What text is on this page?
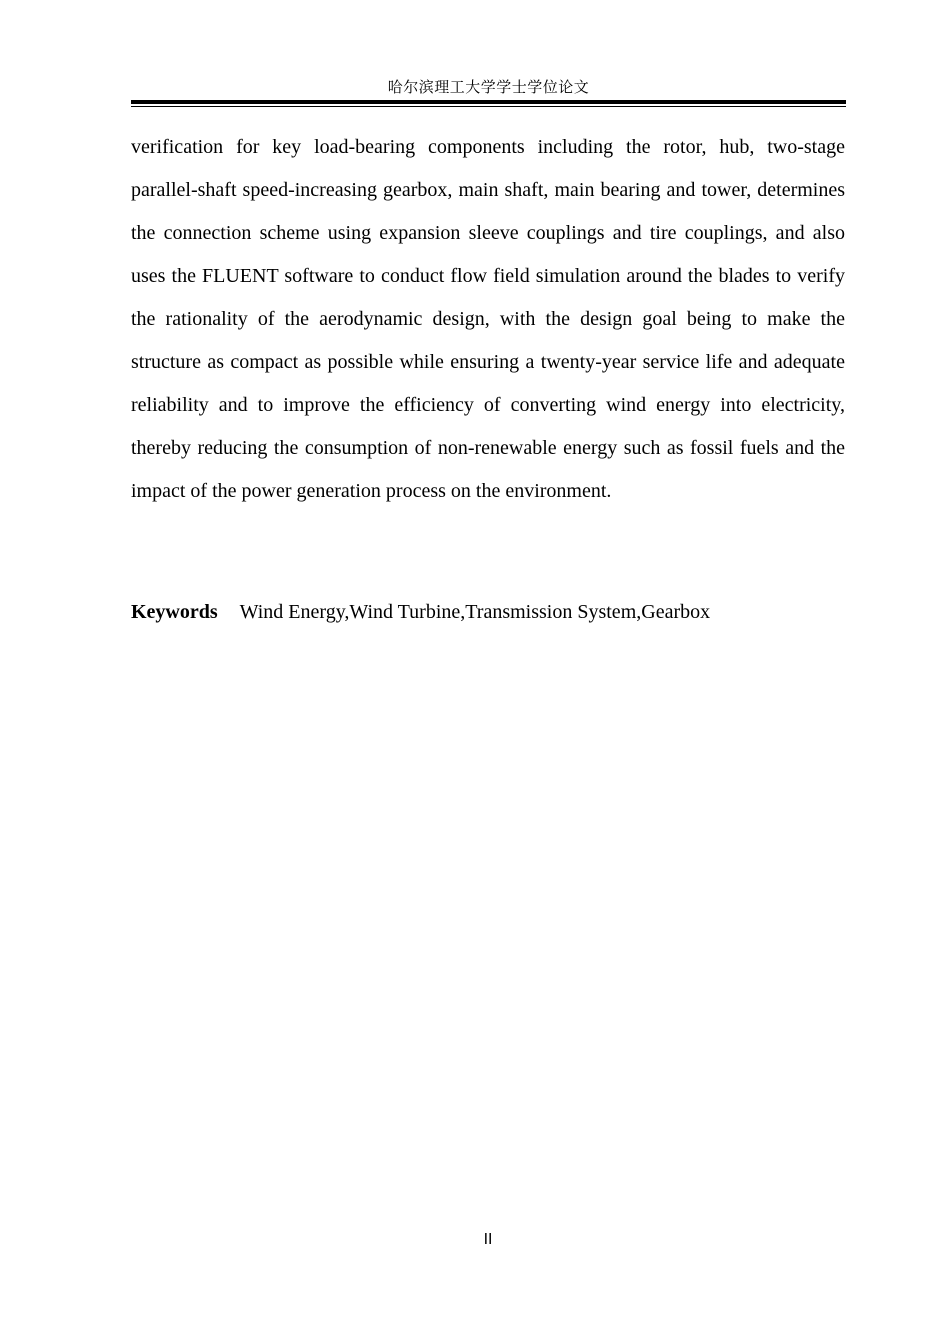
哈尔滨理工大学学士学位论文

verification for key load-bearing components including the rotor, hub, two-stage parallel-shaft speed-increasing gearbox, main shaft, main bearing and tower, determines the connection scheme using expansion sleeve couplings and tire couplings, and also uses the FLUENT software to conduct flow field simulation around the blades to verify the rationality of the aerodynamic design, with the design goal being to make the structure as compact as possible while ensuring a twenty-year service life and adequate reliability and to improve the efficiency of converting wind energy into electricity, thereby reducing the consumption of non-renewable energy such as fossil fuels and the impact of the power generation process on the environment.

Keywords Wind Energy,Wind Turbine,Transmission System,Gearbox

II
